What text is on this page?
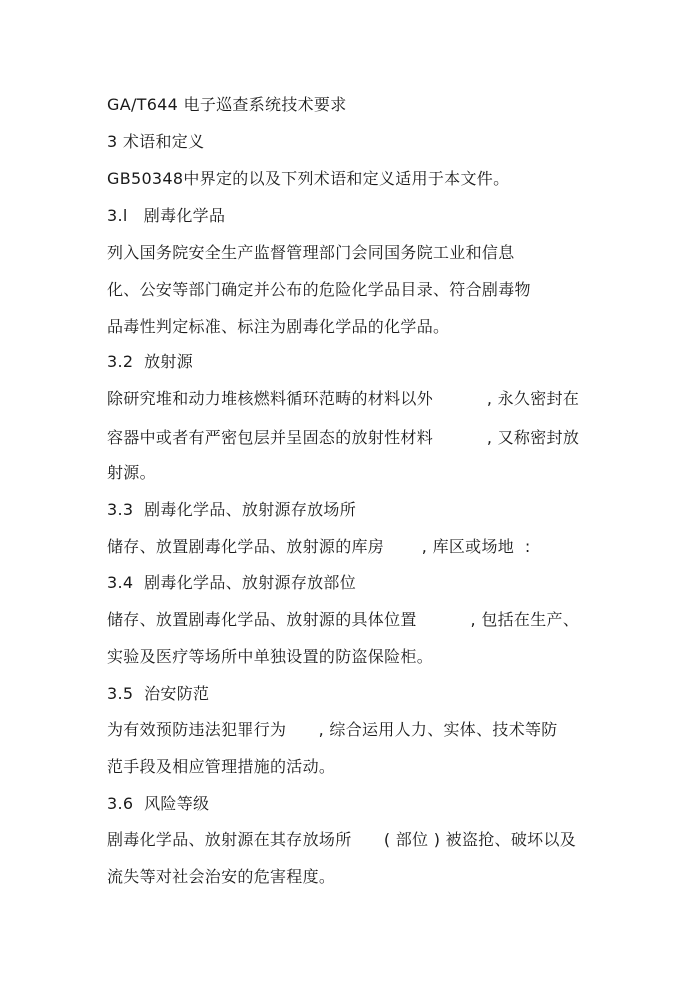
GA/T644 电子巡查系统技术要求
3 术语和定义
GB50348中界定的以及下列术语和定义适用于本文件。
3.l   剧毒化学品
列入国务院安全生产监督管理部门会同国务院工业和信息
化、公安等部门确定并公布的危险化学品目录、符合剧毒物
品毒性判定标准、标注为剧毒化学品的化学品。
3.2  放射源
除研究堆和动力堆核燃料循环范畴的材料以外          , 永久密封在
容器中或者有严密包层并呈固态的放射性材料          , 又称密封放
射源。
3.3  剧毒化学品、放射源存放场所
储存、放置剧毒化学品、放射源的库房       , 库区或场地  :
3.4  剧毒化学品、放射源存放部位
储存、放置剧毒化学品、放射源的具体位置          , 包括在生产、
实验及医疗等场所中单独设置的防盗保险柜。
3.5  治安防范
为有效预防违法犯罪行为      , 综合运用人力、实体、技术等防
范手段及相应管理措施的活动。
3.6  风险等级
剧毒化学品、放射源在其存放场所      ( 部位 ) 被盗抢、破坏以及
流失等对社会治安的危害程度。
